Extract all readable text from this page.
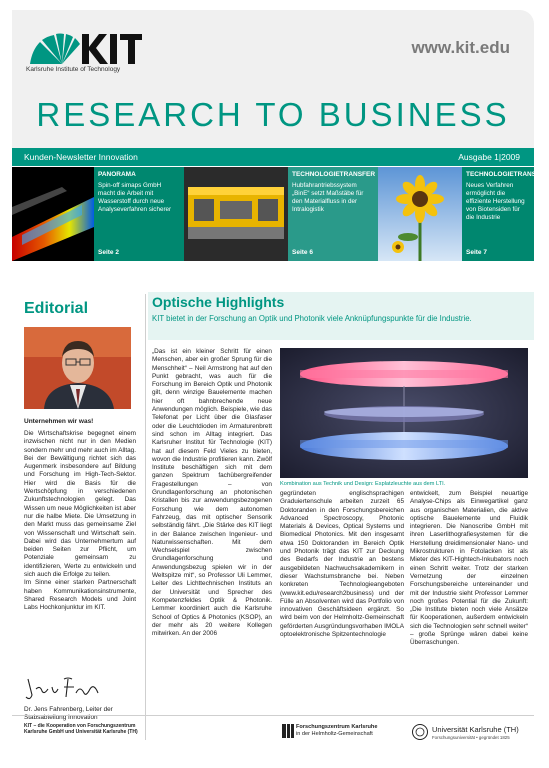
Karlsruhe Institute of Technology
www.kit.edu
RESEARCH TO BUSINESS
Kunden-Newsletter Innovation	Ausgabe 1|2009
PANORAMA
Spin-off simaps GmbH macht die Arbeit mit Wasserstoff durch neue Analyseverfahren sicherer
Seite 2
TECHNOLOGIETRANSFER
Hubfahrantriebssystem „BinE“ setzt Maßstäbe für den Materialfluss in der Intralogistik
Seite 6
TECHNOLOGIETRANSFER
Neues Verfahren ermöglicht die effiziente Herstellung von Biotensiden für die Industrie
Seite 7
Editorial
Unternehmen wir was!

Die Wirtschaftskrise begegnet einem inzwischen nicht nur in den Medien sondern mehr und mehr auch im Alltag. Bei der Bewältigung richtet sich das Augenmerk insbesondere auf Bildung und Forschung im High-Tech-Sektor. Hier wird die Basis für die Wertschöpfung in verschiedenen Zukunftstechnologien gelegt. Das Wissen um neue Möglichkeiten ist aber nur die halbe Miete. Die Umsetzung in den Markt muss das gemeinsame Ziel von Wissenschaft und Wirtschaft sein. Dabei wird das Unternehmertum auf beiden Seiten zur Pflicht, um Potenziale gemeinsam zu identifizieren, Werte zu entwickeln und sich auch die Erfolge zu teilen.

Im Sinne einer starken Partnerschaft haben Kommunikationsinstrumente, Shared Research Models und Joint Labs Hochkonjunktur im KIT.

Dr. Jens Fahrenberg, Leiter der Stabsabteilung Innovation
Optische Highlights
KIT bietet in der Forschung an Optik und Photonik viele Anknüpfungspunkte für die Industrie.
„Das ist ein kleiner Schritt für einen Menschen, aber ein großer Sprung für die Menschheit“ – Neil Armstrong hat auf den Punkt gebracht, was auch für die Forschung im Bereich Optik und Photonik gilt, denn winzige Bauelemente machen hier oft bahnbrechende neue Anwendungen möglich. Beispiele, wie das Telefonat per Licht über die Glasfaser oder die Leuchtdioden im Armaturenbrett sind schon im Alltag integriert. Das Karlsruher Institut für Technologie (KIT) hat auf diesem Feld Vieles zu bieten, wovon die Industrie profitieren kann. Zwölf Institute beschäftigen sich mit dem ganzen Spektrum fachübergreifender Fragestellungen – von Grundlagenforschung an photonischen Kristallen bis zur anwendungsbezogenen Forschung wie dem autonomen Fahrzeug, das mit optischer Sensorik selbständig fährt. „Die Stärke des KIT liegt in der Balance zwischen Ingenieur- und Naturwissenschaften. Mit dem Wechselspiel zwischen Grundlagenforschung und Anwendungsbezug spielen wir in der Weltspitze mit“, so Professor Uli Lemmer, Leiter des Lichttechnischen Instituts an der Universität und Sprecher des Kompetenzfeldes Optik & Photonik. Lemmer koordiniert auch die Karlsruhe School of Optics & Photonics (KSOP), an der mehr als 20 weitere Kollegen mitwirken. An der 2006
Kombination aus Technik und Design: Esplatzleuchte aus dem LTI.
gegründeten englischsprachigen Graduiertenschule arbeiten zurzeit 65 Doktoranden in den Forschungsbereichen Advanced Spectroscopy, Photonic Materials & Devices, Optical Systems und Biomedical Photonics. Mit den insgesamt etwa 150 Doktoranden im Bereich Optik und Photonik trägt das KIT zur Deckung des Bedarfs der Industrie an bestens ausgebildeten Nachwuchsakademikern in dieser Wachstumsbranche bei. Neben konkreten Technologieangeboten (www.kit.edu/research2business) und der Fülle an Absolventen wird das Portfolio von innovativen Geschäftsideen ergänzt. So wird beim von der Helmholtz-Gemeinschaft geförderten Ausgründungsvorhaben IMOLA optoelektronische Spitzentechnologie
entwickelt, zum Beispiel neuartige Analyse-Chips als Einwegartikel ganz aus organischen Materialien, die aktive optische Bauelemente und Fluidik integrieren. Die Nanoscribe GmbH mit ihren Laserlithografiesystemen für die Herstellung dreidimensionaler Nano- und Mikrostrukturen in Fotolacken ist als Mieter des KIT-Hightech-Inkubators noch einen Schritt weiter. Trotz der starken Vernetzung der einzelnen Forschungsbereiche untereinander und mit der Industrie sieht Professor Lemmer noch großes Potential für die Zukunft: „Die Institute bieten noch viele Ansätze für Kooperationen, außerdem entwickeln sich die Technologien sehr schnell weiter“ – große Sprünge wären dabei keine Überraschungen.
KIT – die Kooperation von Forschungszentrum Karlsruhe GmbH und Universität Karlsruhe (TH)
Forschungszentrum Karlsruhe
in der Helmholtz-Gemeinschaft	Universität Karlsruhe (TH)
Forschungsuniversität • gegründet 1825
